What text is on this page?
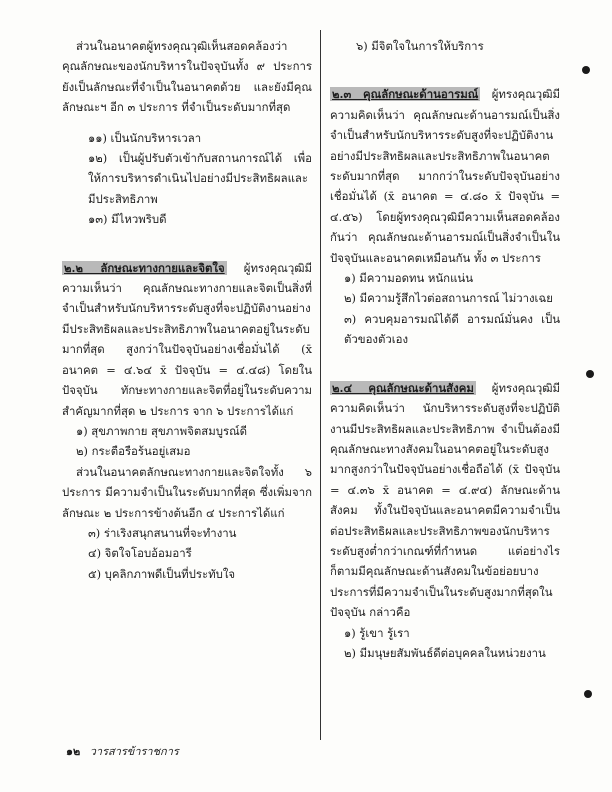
ส่วนในอนาคตผู้ทรงคุณวุฒิเห็นสอดคล้องว่า คุณลักษณะของนักบริหารในปัจจุบันทั้ง ๙ ประการ ยังเป็นลักษณะที่จำเป็นในอนาคตด้วย และยังมีคุณลักษณะฯ อีก ๓ ประการ ที่จำเป็นระดับมากที่สุด

๑๑) เป็นนักบริหารเวลา

๑๒) เป็นผู้ปรับตัวเข้ากับสถานการณ์ได้ เพื่อให้การบริหารดำเนินไปอย่างมีประสิทธิผลและมีประสิทธิภาพ

๑๓) มีไหวพริบดี

๒.๒ ลักษณะทางกายและจิตใจ ผู้ทรงคุณวุฒิมีความเห็นว่า คุณลักษณะทางกายและจิตเป็นสิ่งที่จำเป็นสำหรับนักบริหารระดับสูงที่จะปฏิบัติงานอย่างมีประสิทธิผลและประสิทธิภาพในอนาคตอยู่ในระดับมากที่สุด สูงกว่าในปัจจุบันอย่างเชื่อมั่นได้ (x̄ อนาคต = ๔.๖๔ x̄ ปัจจุบัน = ๔.๔๘) โดยในปัจจุบัน ทักษะทางกายและจิตที่อยู่ในระดับความสำคัญมากที่สุด ๒ ประการ จาก ๖ ประการได้แก่

๑) สุขภาพกาย สุขภาพจิตสมบูรณ์ดี

๒) กระตือรือร้นอยู่เสมอ

ส่วนในอนาคตลักษณะทางกายและจิตใจทั้ง ๖ ประการ มีความจำเป็นในระดับมากที่สุด ซึ่งเพิ่มจากลักษณะ ๒ ประการข้างต้นอีก ๔ ประการได้แก่

๓) ร่าเริงสนุกสนานที่จะทำงาน

๔) จิตใจโอบอ้อมอารี

๕) บุคลิกภาพดีเป็นที่ประทับใจ

๖) มีจิตใจในการให้บริการ

๒.๓ คุณลักษณะด้านอารมณ์ ผู้ทรงคุณวุฒิมีความคิดเห็นว่า คุณลักษณะด้านอารมณ์เป็นสิ่งจำเป็นสำหรับนักบริหารระดับสูงที่จะปฏิบัติงานอย่างมีประสิทธิผลและประสิทธิภาพในอนาคตระดับมากที่สุด มากกว่าในระดับปัจจุบันอย่างเชื่อมั่นได้ (x̄ อนาคต = ๔.๘๐ x̄ ปัจจุบัน = ๔.๕๖) โดยผู้ทรงคุณวุฒิมีความเห็นสอดคล้องกันว่า คุณลักษณะด้านอารมณ์เป็นสิ่งจำเป็นในปัจจุบันและอนาคตเหมือนกัน ทั้ง ๓ ประการ

๑) มีความอดทน หนักแน่น

๒) มีความรู้สึกไวต่อสถานการณ์ ไม่วางเฉย

๓) ควบคุมอารมณ์ได้ดี อารมณ์มั่นคง เป็นตัวของตัวเอง

๒.๔ คุณลักษณะด้านสังคม ผู้ทรงคุณวุฒิมีความคิดเห็นว่า นักบริหารระดับสูงที่จะปฏิบัติงานมีประสิทธิผลและประสิทธิภาพ จำเป็นต้องมีคุณลักษณะทางสังคมในอนาคตอยู่ในระดับสูงมากสูงกว่าในปัจจุบันอย่างเชื่อถือได้ (x̄ ปัจจุบัน = ๔.๓๖ x̄ อนาคต = ๔.๙๔) ลักษณะด้านสังคม ทั้งในปัจจุบันและอนาคตมีความจำเป็นต่อประสิทธิผลและประสิทธิภาพของนักบริหารระดับสูงต่ำกว่าเกณฑ์ที่กำหนด แต่อย่างไรก็ตามมีคุณลักษณะด้านสังคมในข้อย่อยบางประการที่มีความจำเป็นในระดับสูงมากที่สุดในปัจจุบัน กล่าวคือ

๑) รู้เขา รู้เรา

๒) มีมนุษยสัมพันธ์ดีต่อบุคคลในหน่วยงาน

๑๒ วารสารข้าราชการ
